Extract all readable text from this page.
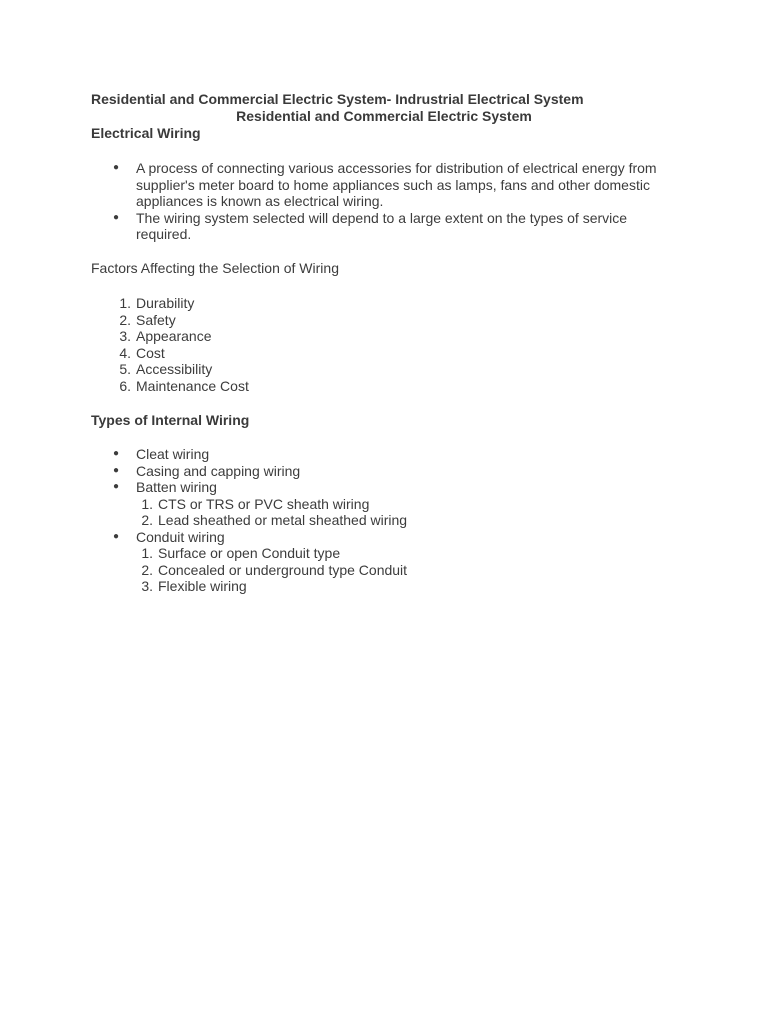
Residential and Commercial Electric System- Indrustrial Electrical System
Residential and Commercial Electric System
Electrical Wiring
● A process of connecting various accessories for distribution of electrical energy from supplier's meter board to home appliances such as lamps, fans and other domestic appliances is known as electrical wiring.
● The wiring system selected will depend to a large extent on the types of service required.
Factors Affecting the Selection of Wiring
1. Durability
2. Safety
3. Appearance
4. Cost
5. Accessibility
6. Maintenance Cost
Types of Internal Wiring
● Cleat wiring
● Casing and capping wiring
● Batten wiring
1. CTS or TRS or PVC sheath wiring
2. Lead sheathed or metal sheathed wiring
● Conduit wiring
1. Surface or open Conduit type
2. Concealed or underground type Conduit
3. Flexible wiring
